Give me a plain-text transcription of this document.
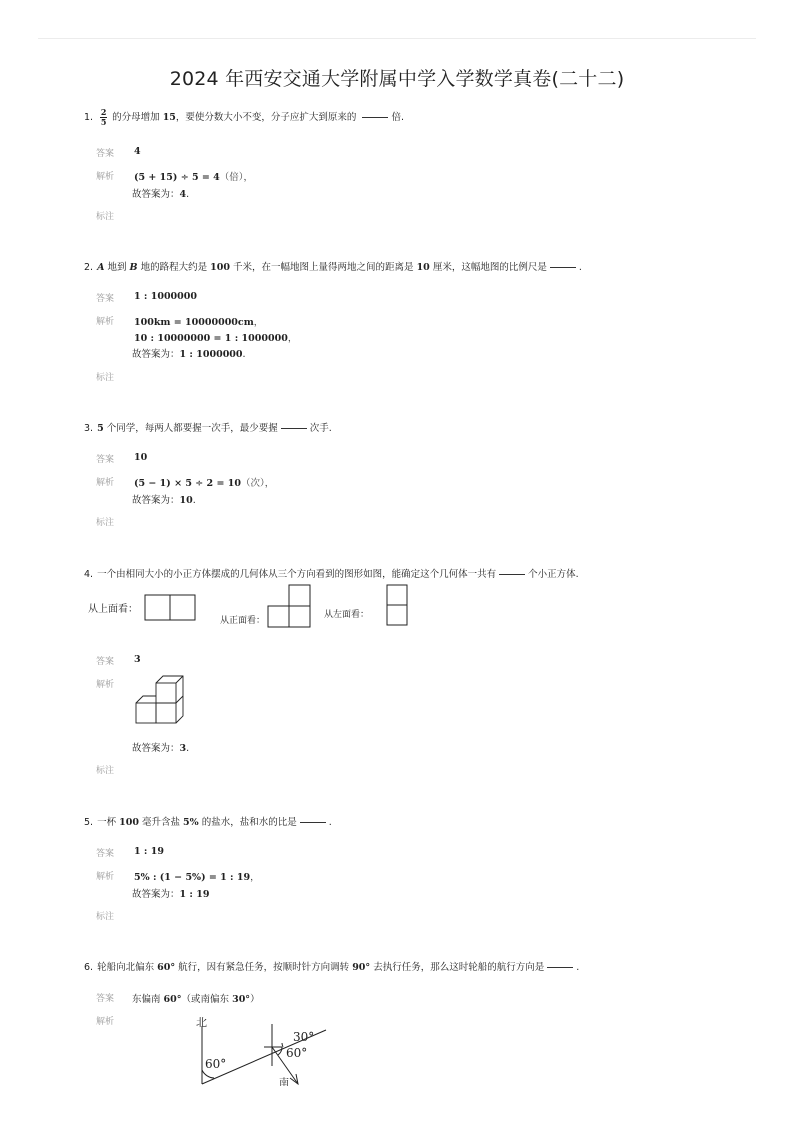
2024 年西安交通大学附属中学入学数学真卷(二十二)
1. $\frac{2}{5}$ 的分母增加 15，要使分数大小不变，分子应扩大到原来的	倍.
答案 4
解析 (5 + 15) ÷ 5 = 4（倍），
故答案为：4.
标注
2. A 地到 B 地的路程大约是 100 千米，在一幅地图上量得两地之间的距离是 10 厘米，这幅地图的比例尺是	.
答案 1 : 1000000
解析 100km = 10000000cm，
10 : 10000000 = 1 : 1000000，
故答案为：1 : 1000000.
标注
3. 5 个同学，每两人都要握一次手，最少要握	次手.
答案 10
解析 (5 − 1) × 5 ÷ 2 = 10（次），
故答案为：10.
标注
4. 一个由相同大小的小正方体摆成的几何体从三个方向看到的图形如图，能确定这个几何体一共有	个小正方体.
从上面看：
从正面看：
从左面看：
答案 3
解析
故答案为：3.
标注
5. 一杯 100 毫升含盐 5% 的盐水，盐和水的比是	.
答案 1 : 19
解析 5% : (1 − 5%) = 1 : 19，
故答案为：1 : 19
标注
6. 轮船向北偏东 60° 航行，因有紧急任务，按顺时针方向调转 90° 去执行任务，那么这时轮船的航行方向是	.
答案 东偏南 60°（或南偏东 30°）
解析	北
60°
30°
60°
南
